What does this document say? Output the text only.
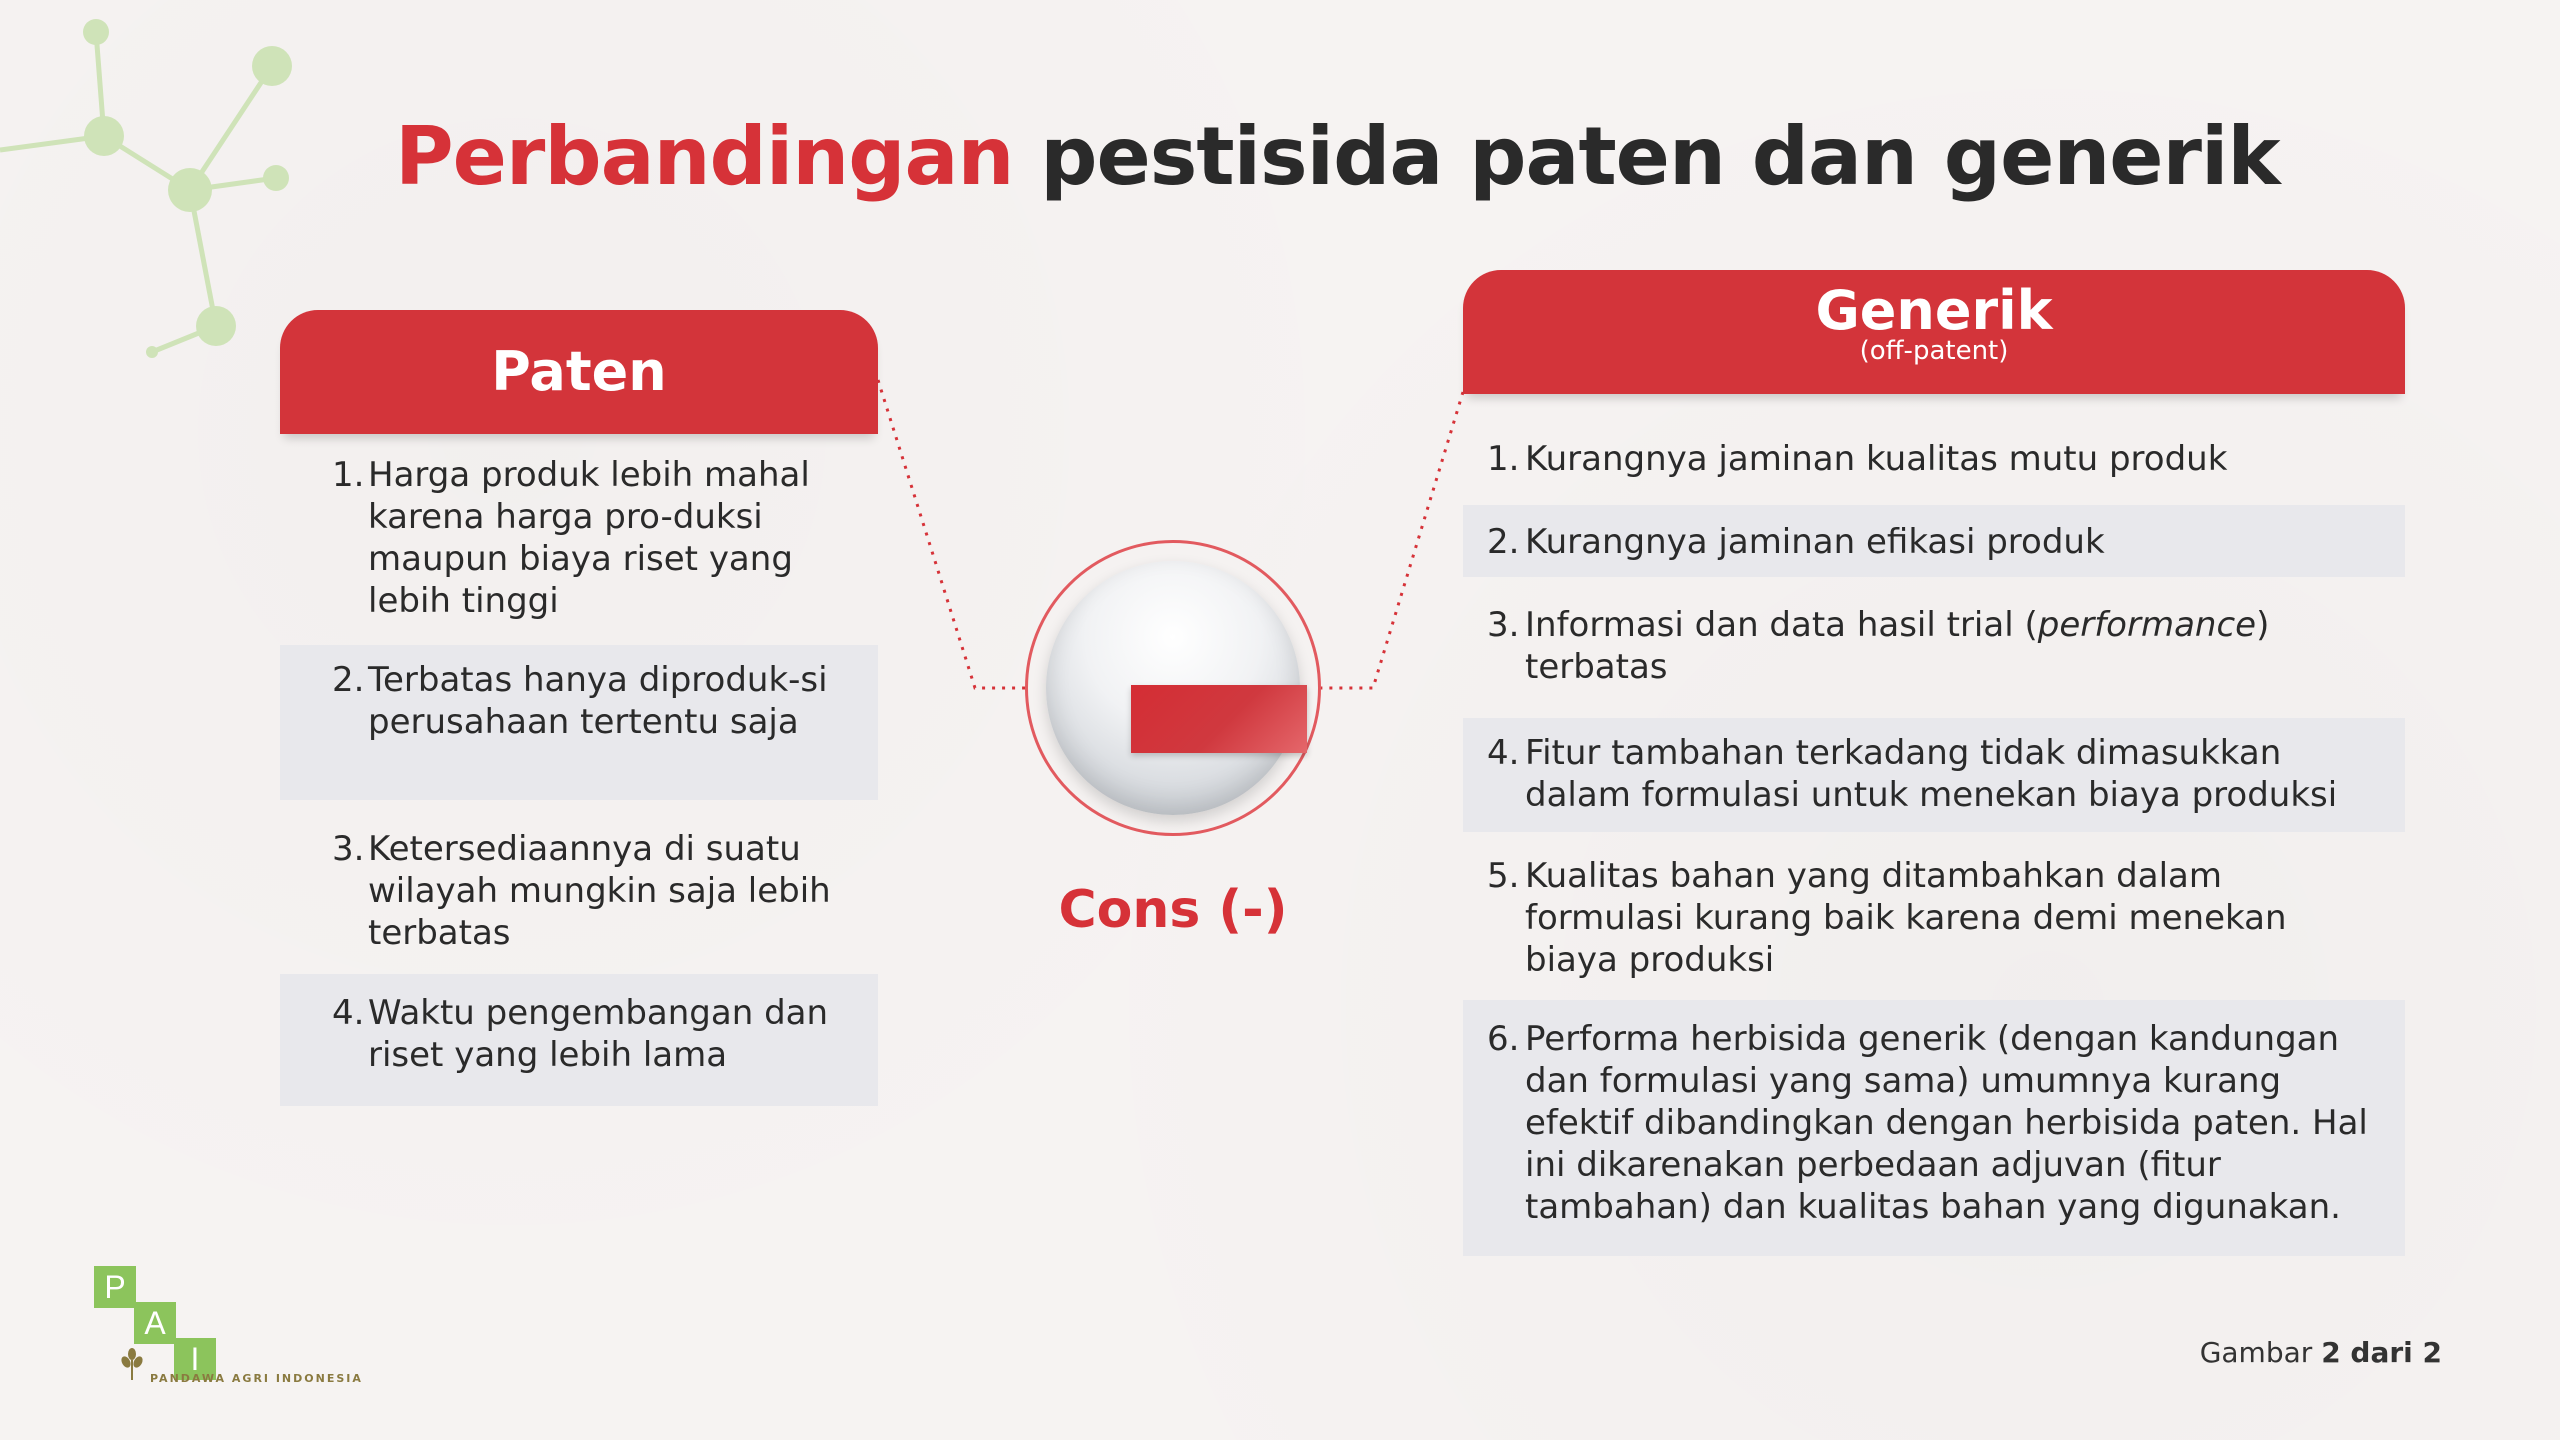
Perbandingan pestisida paten dan generik
Paten
1. Harga produk lebih mahal karena harga pro-duksi maupun biaya riset yang lebih tinggi
2. Terbatas hanya diproduk-si perusahaan tertentu saja
3. Ketersediaannya di suatu wilayah mungkin saja lebih terbatas
4. Waktu pengembangan dan riset yang lebih lama
Cons (-)
Generik
(off-patent)
1. Kurangnya jaminan kualitas mutu produk
2. Kurangnya jaminan efikasi produk
3. Informasi dan data hasil trial (performance) terbatas
4. Fitur tambahan terkadang tidak dimasukkan dalam formulasi untuk menekan biaya produksi
5. Kualitas bahan yang ditambahkan dalam formulasi kurang baik karena demi menekan biaya produksi
6. Performa herbisida generik (dengan kandungan dan formulasi yang sama) umumnya kurang efektif dibandingkan dengan herbisida paten. Hal ini dikarenakan perbedaan adjuvan (fitur tambahan) dan kualitas bahan yang digunakan.
P
A
I
PANDAWA AGRI INDONESIA
Gambar 2 dari 2
